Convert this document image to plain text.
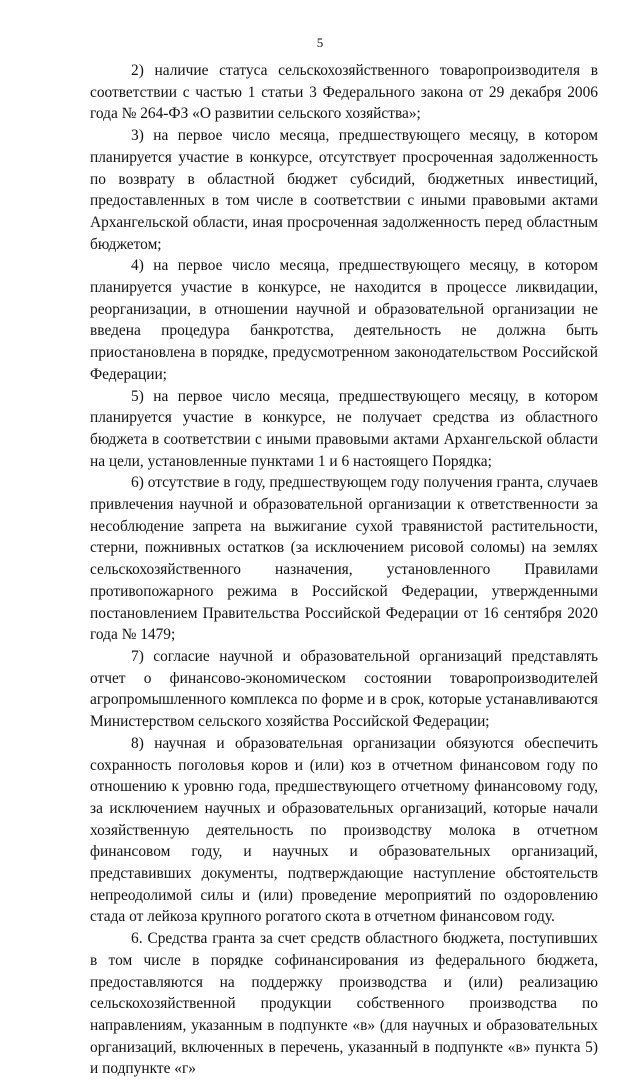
5

2) наличие статуса сельскохозяйственного товаропроизводителя в соответствии с частью 1 статьи 3 Федерального закона от 29 декабря 2006 года № 264-ФЗ «О развитии сельского хозяйства»;

3) на первое число месяца, предшествующего месяцу, в котором планируется участие в конкурсе, отсутствует просроченная задолженность по возврату в областной бюджет субсидий, бюджетных инвестиций, предоставленных в том числе в соответствии с иными правовыми актами Архангельской области, иная просроченная задолженность перед областным бюджетом;

4) на первое число месяца, предшествующего месяцу, в котором планируется участие в конкурсе, не находится в процессе ликвидации, реорганизации, в отношении научной и образовательной организации не введена процедура банкротства, деятельность не должна быть приостановлена в порядке, предусмотренном законодательством Российской Федерации;

5) на первое число месяца, предшествующего месяцу, в котором планируется участие в конкурсе, не получает средства из областного бюджета в соответствии с иными правовыми актами Архангельской области на цели, установленные пунктами 1 и 6 настоящего Порядка;

6) отсутствие в году, предшествующем году получения гранта, случаев привлечения научной и образовательной организации к ответственности за несоблюдение запрета на выжигание сухой травянистой растительности, стерни, пожнивных остатков (за исключением рисовой соломы) на землях сельскохозяйственного назначения, установленного Правилами противопожарного режима в Российской Федерации, утвержденными постановлением Правительства Российской Федерации от 16 сентября 2020 года № 1479;

7) согласие научной и образовательной организаций представлять отчет о финансово-экономическом состоянии товаропроизводителей агропромышленного комплекса по форме и в срок, которые устанавливаются Министерством сельского хозяйства Российской Федерации;

8) научная и образовательная организации обязуются обеспечить сохранность поголовья коров и (или) коз в отчетном финансовом году по отношению к уровню года, предшествующего отчетному финансовому году, за исключением научных и образовательных организаций, которые начали хозяйственную деятельность по производству молока в отчетном финансовом году, и научных и образовательных организаций, представивших документы, подтверждающие наступление обстоятельств непреодолимой силы и (или) проведение мероприятий по оздоровлению стада от лейкоза крупного рогатого скота в отчетном финансовом году.

6. Средства гранта за счет средств областного бюджета, поступивших в том числе в порядке софинансирования из федерального бюджета, предоставляются на поддержку производства и (или) реализацию сельскохозяйственной продукции собственного производства по направлениям, указанным в подпункте «в» (для научных и образовательных организаций, включенных в перечень, указанный в подпункте «в» пункта 5) и подпункте «г»
